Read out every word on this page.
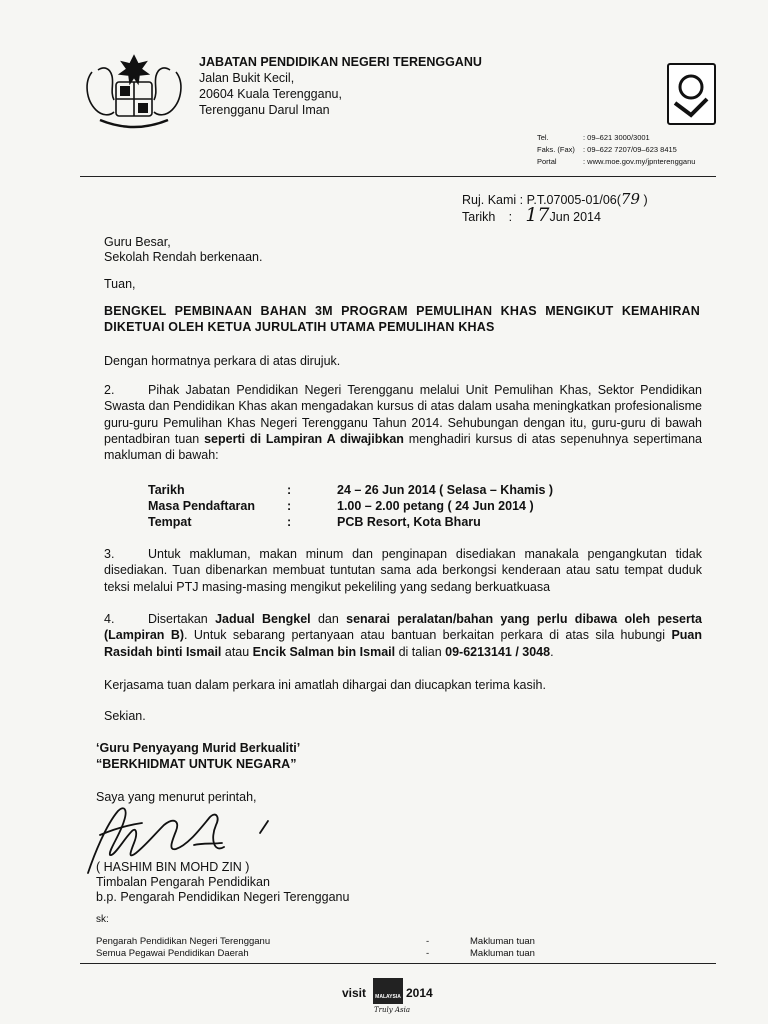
JABATAN PENDIDIKAN NEGERI TERENGGANU
Jalan Bukit Kecil,
20604 Kuala Terengganu,
Terengganu Darul Iman
Tel.	: 09–621 3000/3001
Faks. (Fax) : 09–622 7207/09–623 8415
Portal	: www.moe.gov.my/jpnterengganu
Ruj. Kami : P.T.07005-01/06(79 )
Tarikh : 17Jun 2014
Guru Besar,
Sekolah Rendah berkenaan.
Tuan,
BENGKEL PEMBINAAN BAHAN 3M PROGRAM PEMULIHAN KHAS MENGIKUT KEMAHIRAN
DIKETUAI OLEH KETUA JURULATIH UTAMA PEMULIHAN KHAS
Dengan hormatnya perkara di atas dirujuk.
2.	Pihak Jabatan Pendidikan Negeri Terengganu melalui Unit Pemulihan Khas, Sektor Pendidikan Swasta dan Pendidikan Khas akan mengadakan kursus di atas dalam usaha meningkatkan profesionalisme guru-guru Pemulihan Khas Negeri Terengganu Tahun 2014. Sehubungan dengan itu, guru-guru di bawah pentadbiran tuan seperti di Lampiran A diwajibkan menghadiri kursus di atas sepenuhnya sepertimana makluman di bawah:
Tarikh	:	24 – 26 Jun 2014 ( Selasa – Khamis )
Masa Pendaftaran	:	1.00 – 2.00 petang ( 24 Jun 2014 )
Tempat	:	PCB Resort, Kota Bharu
3.	Untuk makluman, makan minum dan penginapan disediakan manakala pengangkutan tidak disediakan. Tuan dibenarkan membuat tuntutan sama ada berkongsi kenderaan atau satu tempat duduk teksi melalui PTJ masing-masing mengikut pekeliling yang sedang berkuatkuasa
4.	Disertakan Jadual Bengkel dan senarai peralatan/bahan yang perlu dibawa oleh peserta (Lampiran B). Untuk sebarang pertanyaan atau bantuan berkaitan perkara di atas sila hubungi Puan Rasidah binti Ismail atau Encik Salman bin Ismail di talian 09-6213141 / 3048.
Kerjasama tuan dalam perkara ini amatlah dihargai dan diucapkan terima kasih.
Sekian.
‘Guru Penyayang Murid Berkualiti’
“BERKHIDMAT UNTUK NEGARA”
Saya yang menurut perintah,
( HASHIM BIN MOHD ZIN )
Timbalan Pengarah Pendidikan
b.p. Pengarah Pendidikan Negeri Terengganu
sk:
Pengarah Pendidikan Negeri Terengganu	-	Makluman tuan
Semua Pegawai Pendidikan Daerah	-	Makluman tuan
visit	MALAYSIA 2014
Truly Asia
